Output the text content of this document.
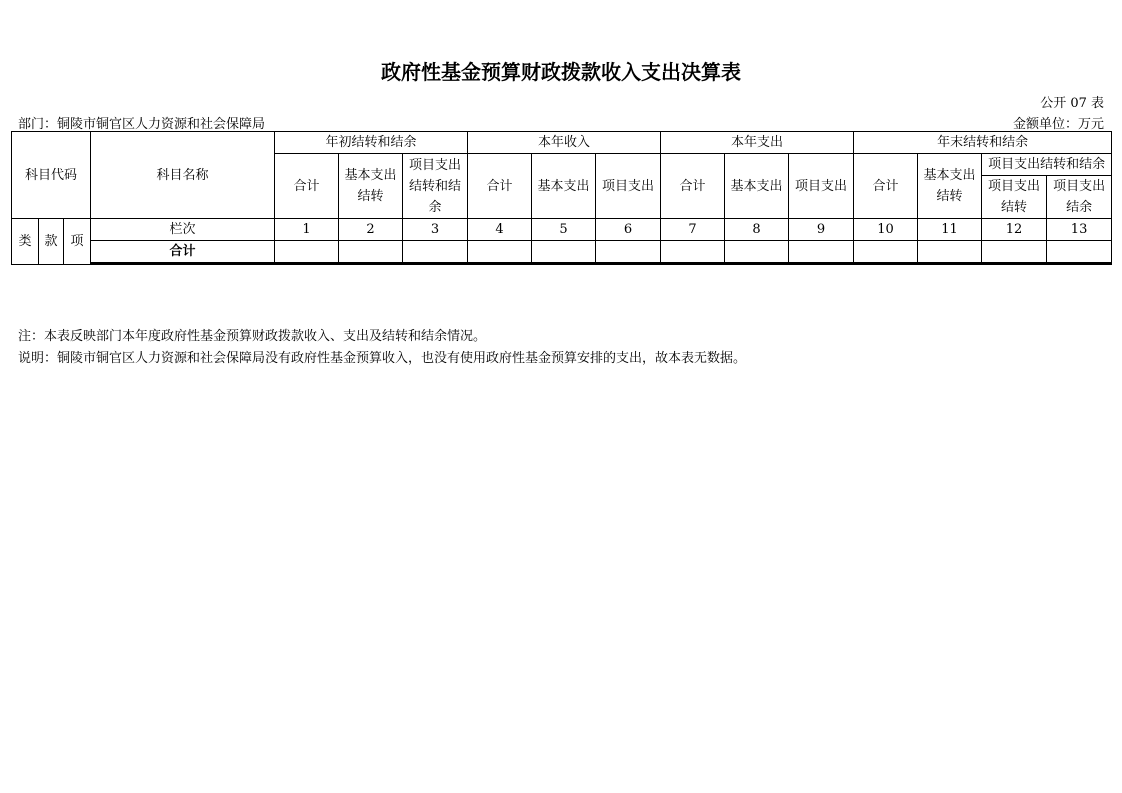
政府性基金预算财政拨款收入支出决算表
公开 07 表
部门：铜陵市铜官区人力资源和社会保障局	金额单位：万元
科目代码			科目名称	年初结转和结余			本年收入			本年支出			年末结转和结余			
				合计	基本支出结转	项目支出结转和结余	合计	基本支出	项目支出	合计	基本支出	项目支出	合计	基本支出结转	项目支出结转和结余	

															项目支出结转	项目支出结余
类	款	项	栏次	1	2	3	4	5	6	7	8	9	10	11	12	13
			合计													

注：本表反映部门本年度政府性基金预算财政拨款收入、支出及结转和结余情况。
说明：铜陵市铜官区人力资源和社会保障局没有政府性基金预算收入，也没有使用政府性基金预算安排的支出，故本表无数据。
